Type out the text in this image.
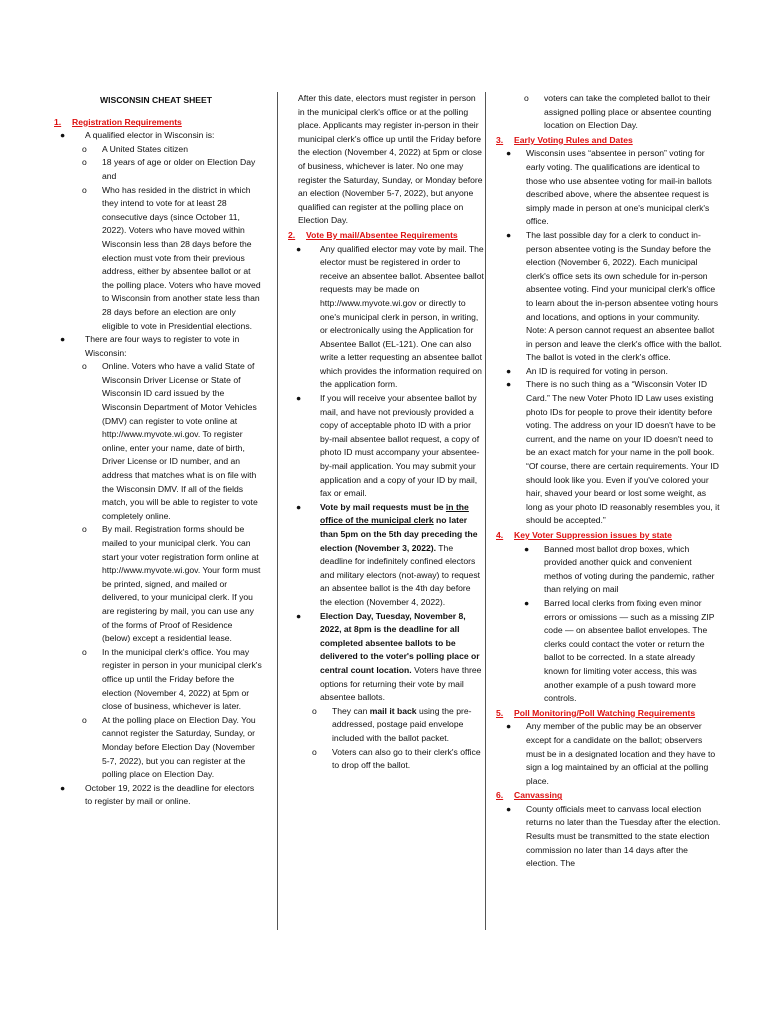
WISCONSIN CHEAT SHEET
1.	Registration Requirements
●	A qualified elector in Wisconsin is:
o	A United States citizen
o	18 years of age or older on Election Day and
o	Who has resided in the district in which they intend to vote for at least 28 consecutive days (since October 11, 2022). Voters who have moved within Wisconsin less than 28 days before the election must vote from their previous address, either by absentee ballot or at the polling place. Voters who have moved to Wisconsin from another state less than 28 days before an election are only eligible to vote in Presidential elections.
●	There are four ways to register to vote in Wisconsin:
o	Online. Voters who have a valid State of Wisconsin Driver License or State of Wisconsin ID card issued by the Wisconsin Department of Motor Vehicles (DMV) can register to vote online at http://www.myvote.wi.gov. To register online, enter your name, date of birth, Driver License or ID number, and an address that matches what is on file with the Wisconsin DMV. If all of the fields match, you will be able to register to vote completely online.
o	By mail. Registration forms should be mailed to your municipal clerk. You can start your voter registration form online at http://www.myvote.wi.gov. Your form must be printed, signed, and mailed or delivered, to your municipal clerk. If you are registering by mail, you can use any of the forms of Proof of Residence (below) except a residential lease.
o	In the municipal clerk's office. You may register in person in your municipal clerk's office up until the Friday before the election (November 4, 2022) at 5pm or close of business, whichever is later.
o	At the polling place on Election Day. You cannot register the Saturday, Sunday, or Monday before Election Day (November 5-7, 2022), but you can register at the polling place on Election Day.
●	October 19, 2022 is the deadline for electors to register by mail or online.
After this date, electors must register in person in the municipal clerk's office or at the polling place. Applicants may register in-person in their municipal clerk's office up until the Friday before the election (November 4, 2022) at 5pm or close of business, whichever is later. No one may register the Saturday, Sunday, or Monday before an election (November 5-7, 2022), but anyone qualified can register at the polling place on Election Day.
2.	Vote By mail/Absentee Requirements
●	Any qualified elector may vote by mail. The elector must be registered in order to receive an absentee ballot. Absentee ballot requests may be made on http://www.myvote.wi.gov or directly to one's municipal clerk in person, in writing, or electronically using the Application for Absentee Ballot (EL-121). One can also write a letter requesting an absentee ballot which provides the information required on the application form.
●	If you will receive your absentee ballot by mail, and have not previously provided a copy of acceptable photo ID with a prior by-mail absentee ballot request, a copy of photo ID must accompany your absentee-by-mail application. You may submit your application and a copy of your ID by mail, fax or email.
●	Vote by mail requests must be in the office of the municipal clerk no later than 5pm on the 5th day preceding the election (November 3, 2022). The deadline for indefinitely confined electors and military electors (not-away) to request an absentee ballot is the 4th day before the election (November 4, 2022).
●	Election Day, Tuesday, November 8, 2022, at 8pm is the deadline for all completed absentee ballots to be delivered to the voter's polling place or central count location. Voters have three options for returning their vote by mail absentee ballots.
o	They can mail it back using the pre-addressed, postage paid envelope included with the ballot packet.
o	Voters can also go to their clerk's office to drop off the ballot.
o	voters can take the completed ballot to their assigned polling place or absentee counting location on Election Day.
3.	Early Voting Rules and Dates
●	Wisconsin uses “absentee in person” voting for early voting. The qualifications are identical to those who use absentee voting for mail-in ballots described above, where the absentee request is simply made in person at one's municipal clerk's office.
●	The last possible day for a clerk to conduct in-person absentee voting is the Sunday before the election (November 6, 2022). Each municipal clerk's office sets its own schedule for in-person absentee voting. Find your municipal clerk's office to learn about the in-person absentee voting hours and locations, and options in your community. Note: A person cannot request an absentee ballot in person and leave the clerk's office with the ballot. The ballot is voted in the clerk's office.
●	An ID is required for voting in person.
●	There is no such thing as a “Wisconsin Voter ID Card.” The new Voter Photo ID Law uses existing photo IDs for people to prove their identity before voting. The address on your ID doesn't have to be current, and the name on your ID doesn't need to be an exact match for your name in the poll book. “Of course, there are certain requirements. Your ID should look like you. Even if you've colored your hair, shaved your beard or lost some weight, as long as your photo ID reasonably resembles you, it should be accepted.”
4.	Key Voter Suppression issues by state
●	Banned most ballot drop boxes, which provided another quick and convenient methos of voting during the pandemic, rather than relying on mail
●	Barred local clerks from fixing even minor errors or omissions — such as a missing ZIP code — on absentee ballot envelopes. The clerks could contact the voter or return the ballot to be corrected. In a state already known for limiting voter access, this was another example of a push toward more controls.
5.	Poll Monitoring/Poll Watching Requirements
●	Any member of the public may be an observer except for a candidate on the ballot; observers must be in a designated location and they have to sign a log maintained by an official at the polling place.
6.	Canvassing
●	County officials meet to canvass local election returns no later than the Tuesday after the election. Results must be transmitted to the state election commission no later than 14 days after the election. The
